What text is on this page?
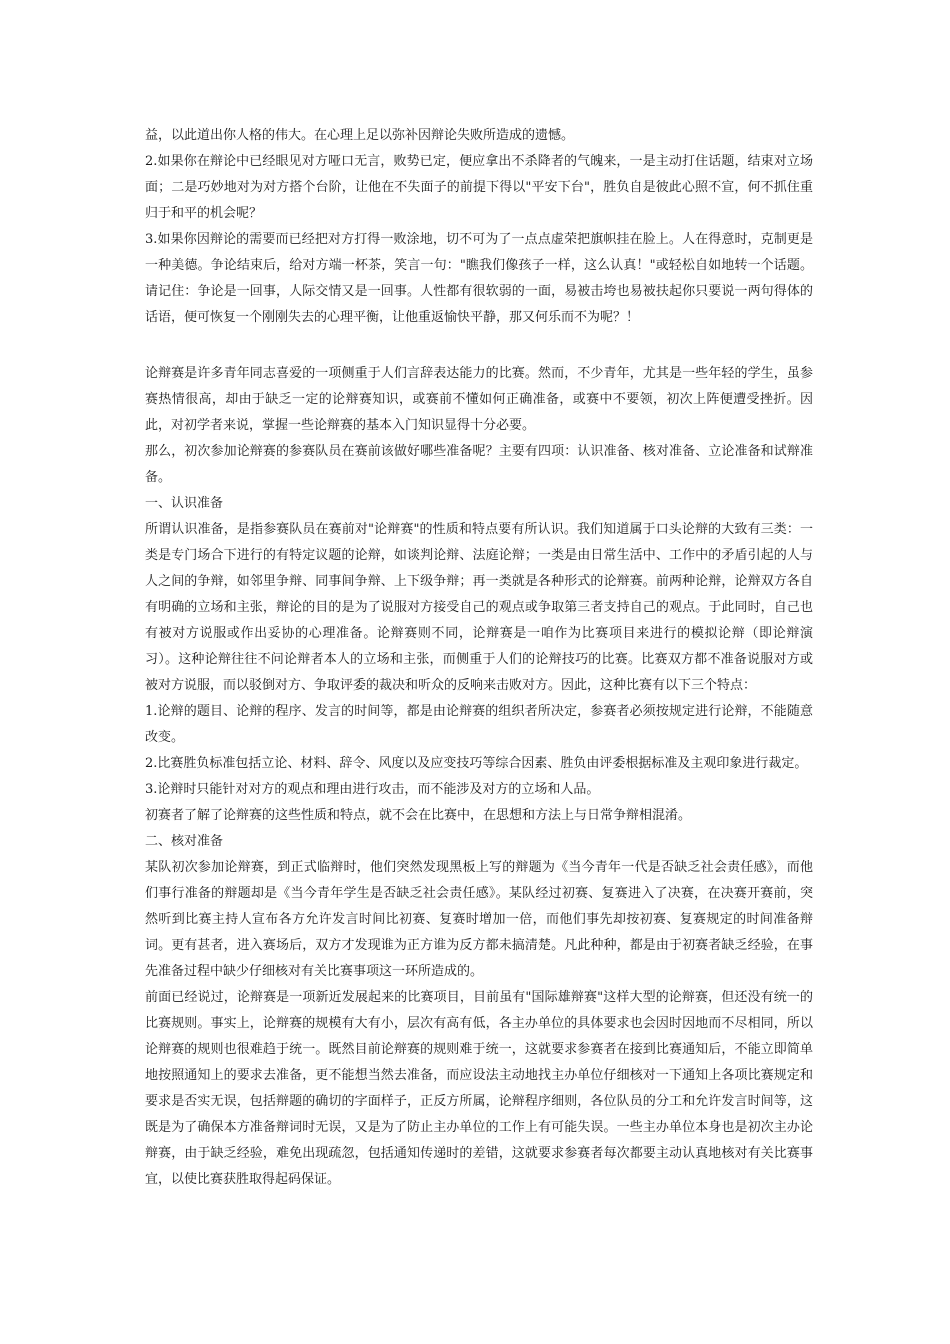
益，以此道出你人格的伟大。在心理上足以弥补因辩论失败所造成的遗憾。

2.如果你在辩论中已经眼见对方哑口无言，败势已定，便应拿出不杀降者的气魄来，一是主动打住话题，结束对立场面；二是巧妙地对为对方搭个台阶，让他在不失面子的前提下得以"平安下台"，胜负自是彼此心照不宣，何不抓住重归于和平的机会呢？

3.如果你因辩论的需要而已经把对方打得一败涂地，切不可为了一点点虚荣把旗帜挂在脸上。人在得意时，克制更是一种美德。争论结束后，给对方端一杯茶，笑言一句："瞧我们像孩子一样，这么认真！"或轻松自如地转一个话题。请记住：争论是一回事，人际交情又是一回事。人性都有很软弱的一面，易被击垮也易被扶起你只要说一两句得体的话语，便可恢复一个刚刚失去的心理平衡，让他重返愉快平静，那又何乐而不为呢？！

论辩赛是许多青年同志喜爱的一项侧重于人们言辞表达能力的比赛。然而，不少青年，尤其是一些年轻的学生，虽参赛热情很高，却由于缺乏一定的论辩赛知识，或赛前不懂如何正确准备，或赛中不要领，初次上阵便遭受挫折。因此，对初学者来说，掌握一些论辩赛的基本入门知识显得十分必要。

那么，初次参加论辩赛的参赛队员在赛前该做好哪些准备呢？主要有四项：认识准备、核对准备、立论准备和试辩准备。

一、认识准备

所谓认识准备，是指参赛队员在赛前对"论辩赛"的性质和特点要有所认识。我们知道属于口头论辩的大致有三类：一类是专门场合下进行的有特定议题的论辩，如谈判论辩、法庭论辩；一类是由日常生活中、工作中的矛盾引起的人与人之间的争辩，如邻里争辩、同事间争辩、上下级争辩；再一类就是各种形式的论辩赛。前两种论辩，论辩双方各自有明确的立场和主张，辩论的目的是为了说服对方接受自己的观点或争取第三者支持自己的观点。于此同时，自己也有被对方说服或作出妥协的心理准备。论辩赛则不同，论辩赛是一咱作为比赛项目来进行的模拟论辩（即论辩演习）。这种论辩往往不问论辩者本人的立场和主张，而侧重于人们的论辩技巧的比赛。比赛双方都不准备说服对方或被对方说服，而以驳倒对方、争取评委的裁决和听众的反响来击败对方。因此，这种比赛有以下三个特点：

1.论辩的题目、论辩的程序、发言的时间等，都是由论辩赛的组织者所决定，参赛者必须按规定进行论辩，不能随意改变。

2.比赛胜负标准包括立论、材料、辞令、风度以及应变技巧等综合因素、胜负由评委根据标准及主观印象进行裁定。

3.论辩时只能针对对方的观点和理由进行攻击，而不能涉及对方的立场和人品。

初赛者了解了论辩赛的这些性质和特点，就不会在比赛中，在思想和方法上与日常争辩相混淆。

二、核对准备

某队初次参加论辩赛，到正式临辩时，他们突然发现黑板上写的辩题为《当今青年一代是否缺乏社会责任感》，而他们事行准备的辩题却是《当今青年学生是否缺乏社会责任感》。某队经过初赛、复赛进入了决赛，在决赛开赛前，突然听到比赛主持人宣布各方允许发言时间比初赛、复赛时增加一倍，而他们事先却按初赛、复赛规定的时间准备辩词。更有甚者，进入赛场后，双方才发现谁为正方谁为反方都未搞清楚。凡此种种，都是由于初赛者缺乏经验，在事先准备过程中缺少仔细核对有关比赛事项这一环所造成的。

前面已经说过，论辩赛是一项新近发展起来的比赛项目，目前虽有"国际雄辩赛"这样大型的论辩赛，但还没有统一的比赛规则。事实上，论辩赛的规模有大有小，层次有高有低，各主办单位的具体要求也会因时因地而不尽相同，所以论辩赛的规则也很难趋于统一。既然目前论辩赛的规则难于统一，这就要求参赛者在接到比赛通知后，不能立即简单地按照通知上的要求去准备，更不能想当然去准备，而应设法主动地找主办单位仔细核对一下通知上各项比赛规定和要求是否实无误，包括辩题的确切的字面样子，正反方所属，论辩程序细则，各位队员的分工和允许发言时间等，这既是为了确保本方准备辩词时无误，又是为了防止主办单位的工作上有可能失误。一些主办单位本身也是初次主办论辩赛，由于缺乏经验，难免出现疏忽，包括通知传递时的差错，这就要求参赛者每次都要主动认真地核对有关比赛事宜，以使比赛获胜取得起码保证。
